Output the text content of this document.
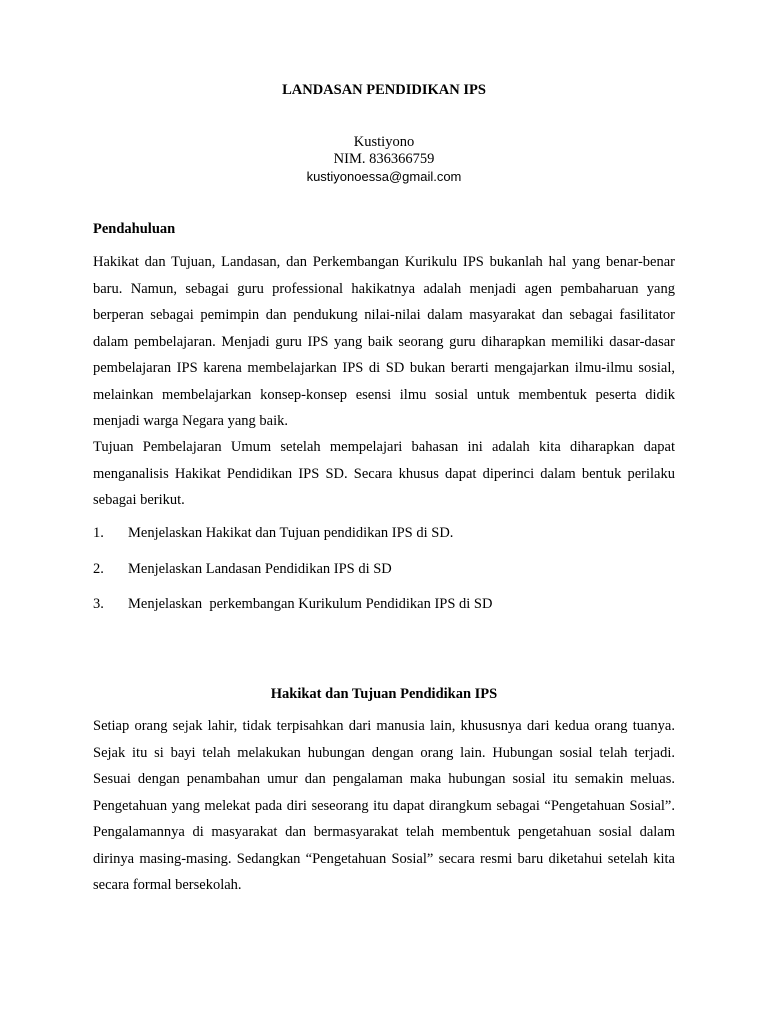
LANDASAN PENDIDIKAN IPS
Kustiyono
NIM. 836366759
kustiyonoessa@gmail.com
Pendahuluan

Hakikat dan Tujuan, Landasan, dan Perkembangan Kurikulu IPS bukanlah hal yang benar-benar baru. Namun, sebagai guru professional hakikatnya adalah menjadi agen pembaharuan yang berperan sebagai pemimpin dan pendukung nilai-nilai dalam masyarakat dan sebagai fasilitator dalam pembelajaran. Menjadi guru IPS yang baik seorang guru diharapkan memiliki dasar-dasar pembelajaran IPS karena membelajarkan IPS di SD bukan berarti mengajarkan ilmu-ilmu sosial, melainkan membelajarkan konsep-konsep esensi ilmu sosial untuk membentuk peserta didik menjadi warga Negara yang baik.

Tujuan Pembelajaran Umum setelah mempelajari bahasan ini adalah kita diharapkan dapat menganalisis Hakikat Pendidikan IPS SD. Secara khusus dapat diperinci dalam bentuk perilaku sebagai berikut.

1. Menjelaskan Hakikat dan Tujuan pendidikan IPS di SD.
2. Menjelaskan Landasan Pendidikan IPS di SD
3. Menjelaskan  perkembangan Kurikulum Pendidikan IPS di SD
Hakikat dan Tujuan Pendidikan IPS

Setiap orang sejak lahir, tidak terpisahkan dari manusia lain, khususnya dari kedua orang tuanya. Sejak itu si bayi telah melakukan hubungan dengan orang lain. Hubungan sosial telah terjadi. Sesuai dengan penambahan umur dan pengalaman maka hubungan sosial itu semakin meluas. Pengetahuan yang melekat pada diri seseorang itu dapat dirangkum sebagai “Pengetahuan Sosial”. Pengalamannya di masyarakat dan bermasyarakat telah membentuk pengetahuan sosial dalam dirinya masing-masing. Sedangkan “Pengetahuan Sosial” secara resmi baru diketahui setelah kita secara formal bersekolah.
